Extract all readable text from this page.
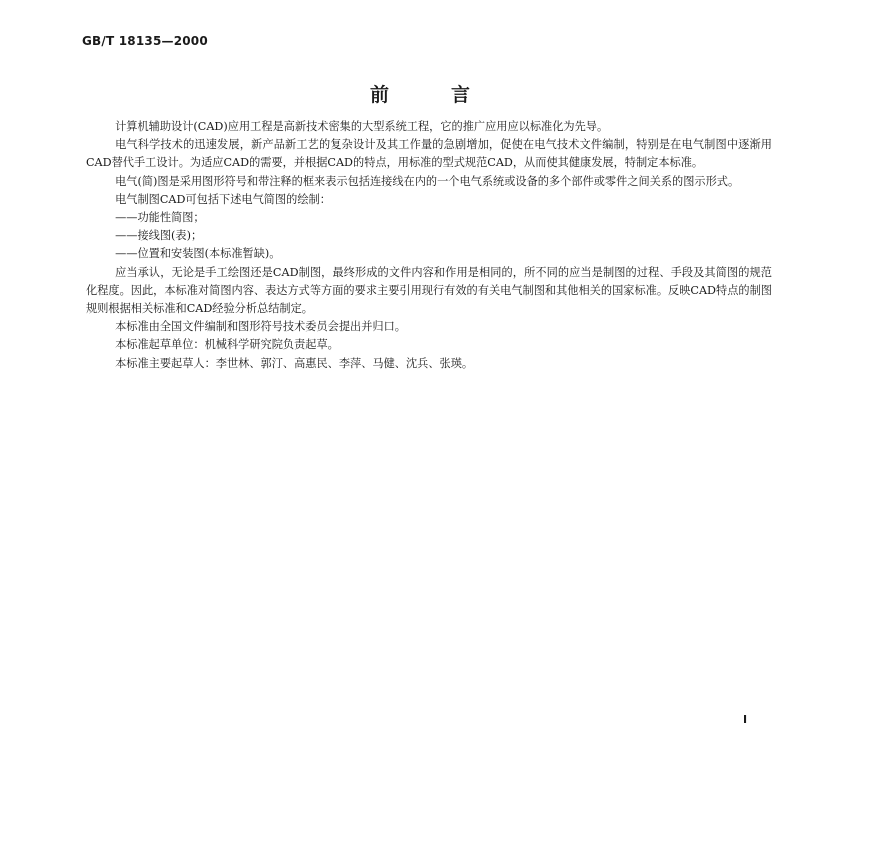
GB/T 18135—2000
前言

计算机辅助设计(CAD)应用工程是高新技术密集的大型系统工程，它的推广应用应以标准化为先导。

电气科学技术的迅速发展，新产品新工艺的复杂设计及其工作量的急剧增加，促使在电气技术文件编制，特别是在电气制图中逐渐用CAD替代手工设计。为适应CAD的需要，并根据CAD的特点，用标准的型式规范CAD，从而使其健康发展，特制定本标准。

电气(简)图是采用图形符号和带注释的框来表示包括连接线在内的一个电气系统或设备的多个部件或零件之间关系的图示形式。

电气制图CAD可包括下述电气简图的绘制：

——功能性简图；

——接线图(表)；

——位置和安装图(本标准暂缺)。

应当承认，无论是手工绘图还是CAD制图，最终形成的文件内容和作用是相同的，所不同的应当是制图的过程、手段及其简图的规范化程度。因此，本标准对简图内容、表达方式等方面的要求主要引用现行有效的有关电气制图和其他相关的国家标准。反映CAD特点的制图规则根据相关标准和CAD经验分析总结制定。

本标准由全国文件编制和图形符号技术委员会提出并归口。

本标准起草单位：机械科学研究院负责起草。

本标准主要起草人：李世林、郭汀、高惠民、李萍、马健、沈兵、张瑛。

I
